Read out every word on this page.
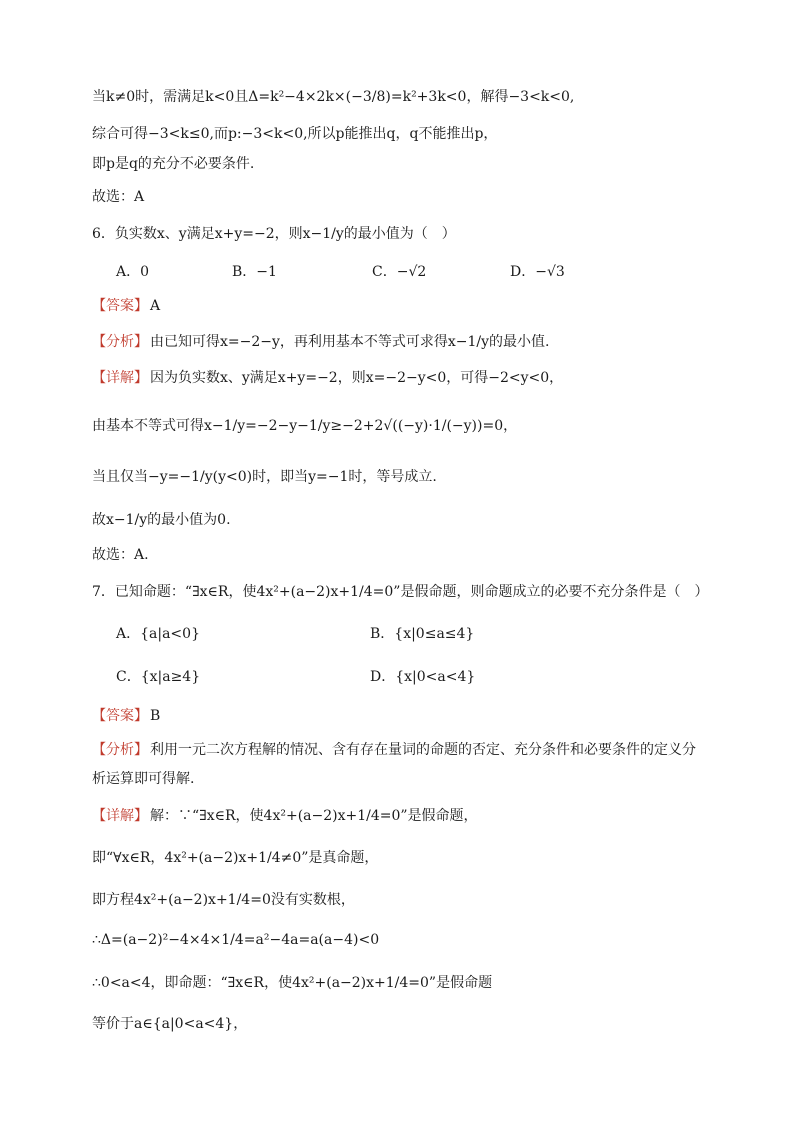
当k≠0时，需满足k<0且Δ=k²−4×2k×(−3/8)=k²+3k<0，解得−3<k<0,
综合可得−3<k≤0,而p:−3<k<0,所以p能推出q，q不能推出p，
即p是q的充分不必要条件.
故选：A
6．负实数x、y满足x+y=−2，则x−1/y的最小值为（　）
A．0	B．−1	C．−√2	D．−√3
【答案】 A
【分析】 由已知可得x=−2−y，再利用基本不等式可求得x−1/y的最小值.
【详解】 因为负实数x、y满足x+y=−2，则x=−2−y<0，可得−2<y<0，
由基本不等式可得x−1/y=−2−y−1/y≥−2+2√((−y)·1/(−y))=0，
当且仅当−y=−1/y(y<0)时，即当y=−1时，等号成立.
故x−1/y的最小值为0.
故选：A.
7．已知命题：“∃x∈R，使4x²+(a−2)x+1/4=0”是假命题，则命题成立的必要不充分条件是（　）
A．{a|a<0}	B．{x|0≤a≤4}
C．{x|a≥4}	D．{x|0<a<4}
【答案】 B
【分析】 利用一元二次方程解的情况、含有存在量词的命题的否定、充分条件和必要条件的定义分
析运算即可得解.
【详解】 解：∵“∃x∈R，使4x²+(a−2)x+1/4=0”是假命题，
即“∀x∈R，4x²+(a−2)x+1/4≠0”是真命题，
即方程4x²+(a−2)x+1/4=0没有实数根，
∴Δ=(a−2)²−4×4×1/4=a²−4a=a(a−4)<0
∴0<a<4，即命题：“∃x∈R，使4x²+(a−2)x+1/4=0”是假命题
等价于a∈{a|0<a<4}，
